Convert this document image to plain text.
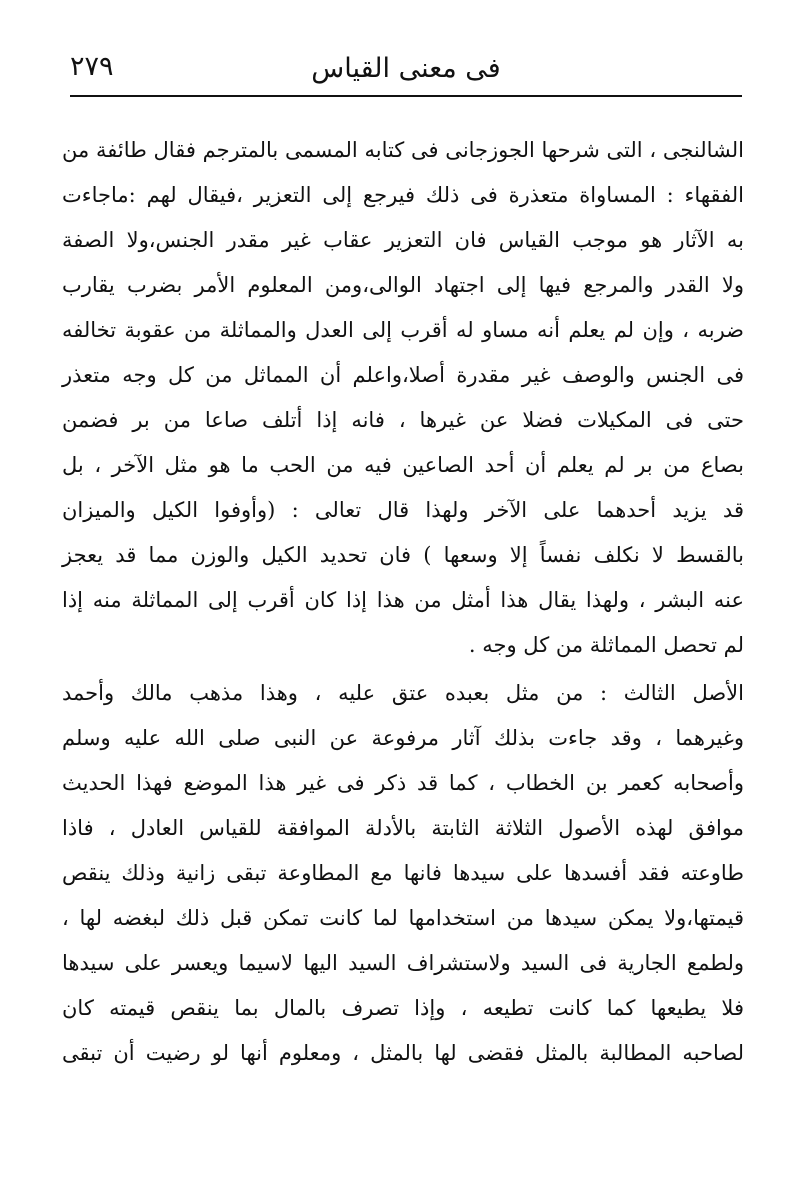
فى معنى القياس
٢٧٩
الشالنجى ، التى شرحها الجوزجانى فى كتابه المسمى بالمترجم فقال طائفة من
الفقهاء : المساواة متعذرة فى ذلك فيرجع إلى التعزير ،فيقال لهم :ماجاءت
به الآثار هو موجب القياس فان التعزير عقاب غير مقدر الجنس،ولا الصفة
ولا القدر والمرجع فيها إلى اجتهاد الوالى،ومن المعلوم الأمر بضرب يقارب
ضربه ، وإن لم يعلم أنه مساو له أقرب إلى العدل والمماثلة من عقوبة تخالفه
فى الجنس والوصف غير مقدرة أصلا،واعلم أن المماثل من كل وجه متعذر
حتى فى المكيلات فضلا عن غيرها ، فانه إذا أتلف صاعا من بر فضمن
بصاع من بر لم يعلم أن أحد الصاعين فيه من الحب ما هو مثل الآخر ، بل
قد يزيد أحدهما على الآخر ولهذا قال تعالى : (وأوفوا الكيل والميزان
بالقسط لا نكلف نفساً إلا وسعها ) فان تحديد الكيل والوزن مما قد يعجز
عنه البشر ، ولهذا يقال هذا أمثل من هذا إذا كان أقرب إلى المماثلة منه إذا
لم تحصل المماثلة من كل وجه .
الأصل الثالث : من مثل بعبده عتق عليه ، وهذا مذهب مالك وأحمد
وغيرهما ، وقد جاءت بذلك آثار مرفوعة عن النبى صلى الله عليه وسلم
وأصحابه كعمر بن الخطاب ، كما قد ذكر فى غير هذا الموضع فهذا الحديث
موافق لهذه الأصول الثلاثة الثابتة بالأدلة الموافقة للقياس العادل ، فاذا
طاوعته فقد أفسدها على سيدها فانها مع المطاوعة تبقى زانية وذلك ينقص
قيمتها،ولا يمكن سيدها من استخدامها لما كانت تمكن قبل ذلك لبغضه لها ،
ولطمع الجارية فى السيد ولاستشراف السيد اليها لاسيما ويعسر على سيدها
فلا يطيعها كما كانت تطيعه ، وإذا تصرف بالمال بما ينقص قيمته كان
لصاحبه المطالبة بالمثل فقضى لها بالمثل ، ومعلوم أنها لو رضيت أن تبقى
